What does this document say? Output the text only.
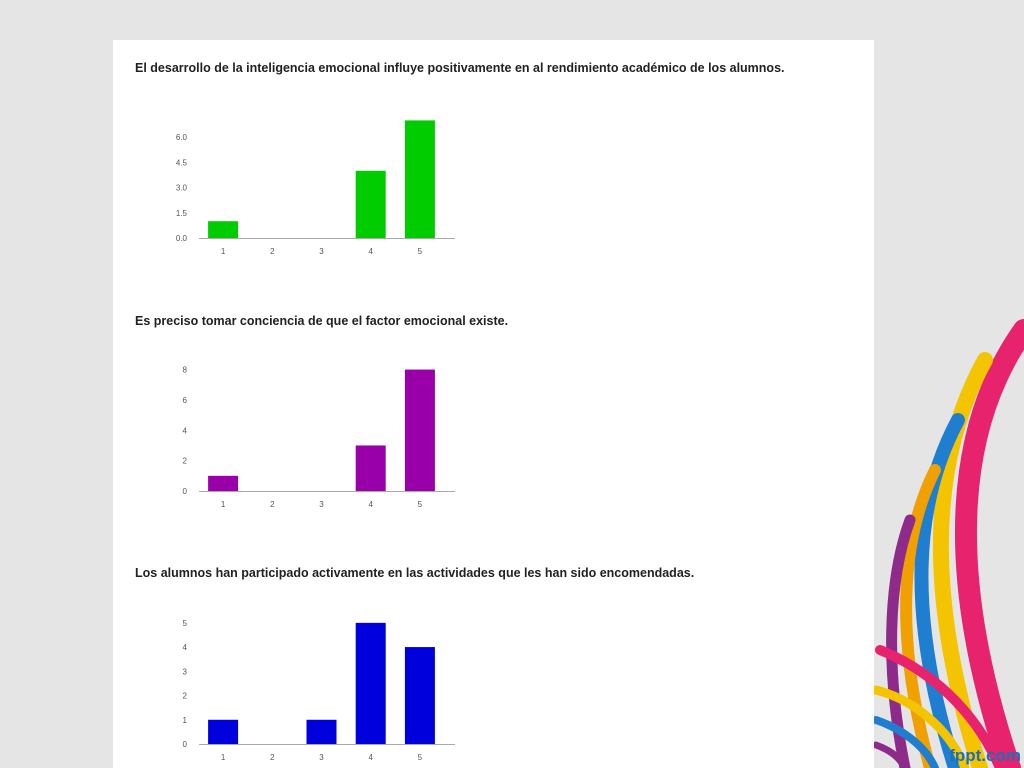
El desarrollo de la inteligencia emocional influye positivamente en al rendimiento académico de los alumnos.
0.0
1.5
3.0
4.5
6.0
1	2	3	4	5
Es preciso tomar conciencia de que el factor emocional existe.
0
2
4
6
8
1	2	3	4	5
Los alumnos han participado activamente en las actividades que les han sido encomendadas.
0
1
2
3
4
5
1	2	3	4	5	fppt.com
